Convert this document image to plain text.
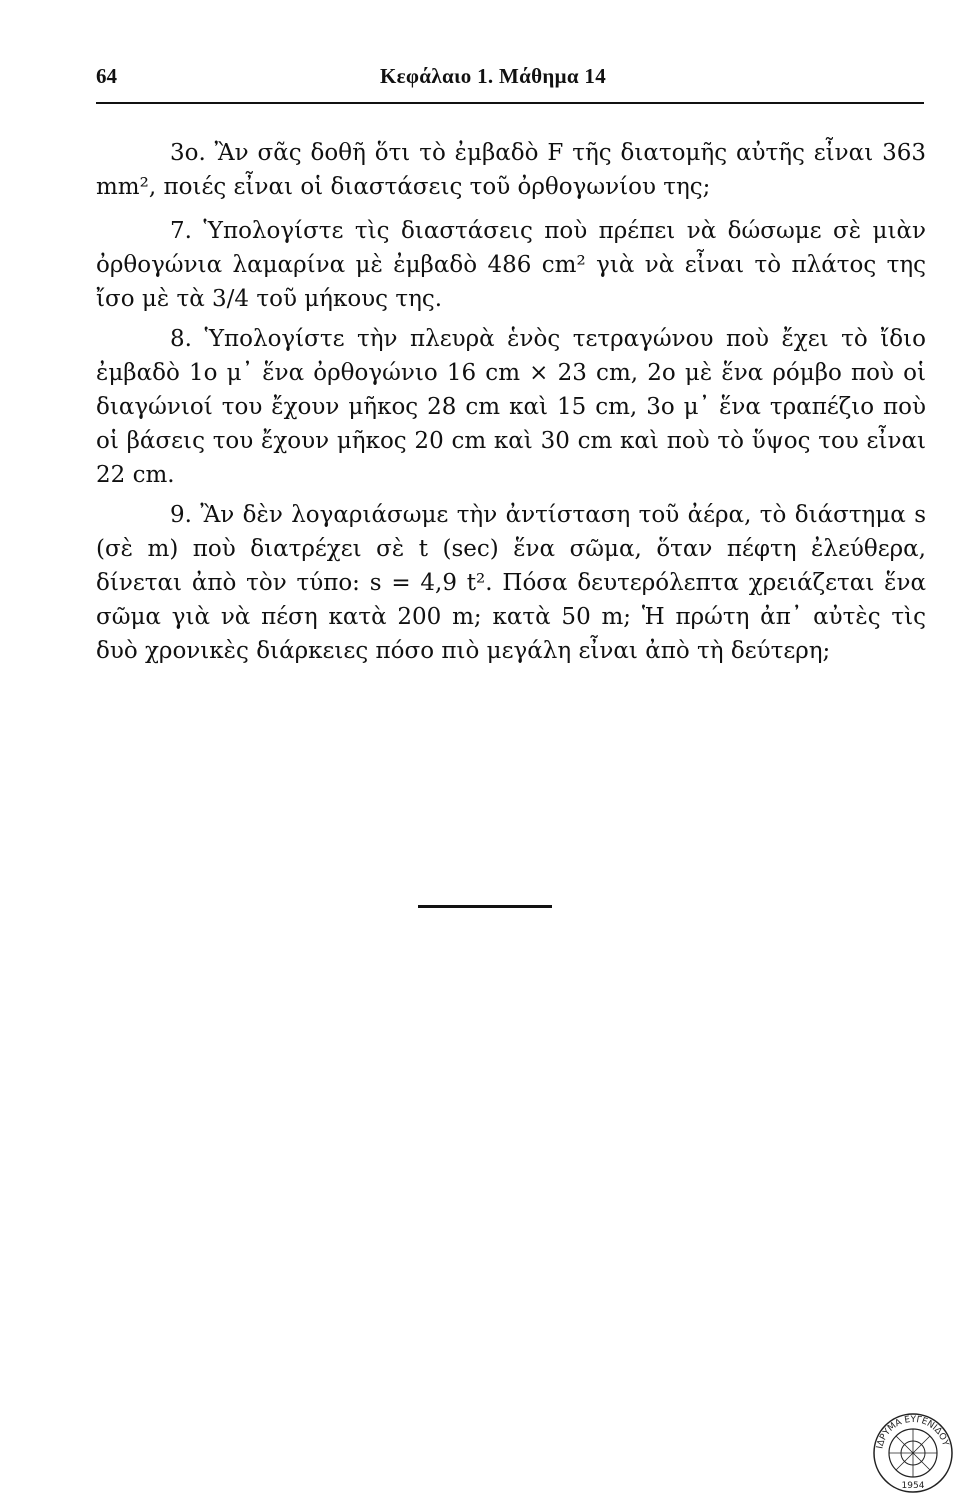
64	Κεφάλαιο 1. Μάθημα 14

3ο. Ἂν σᾶς δοθῆ ὅτι τὸ ἐμβαδὸ F τῆς διατομῆς αὐτῆς εἶναι 363 mm², ποιές εἶναι οἱ διαστάσεις τοῦ ὀρθογωνίου της;

7. Ὑπολογίστε τὶς διαστάσεις ποὺ πρέπει νὰ δώσωμε σὲ μιὰν ὀρθογώνια λαμαρίνα μὲ ἐμβαδὸ 486 cm² γιὰ νὰ εἶναι τὸ πλάτος της ἴσο μὲ τὰ 3/4 τοῦ μήκους της.

8. Ὑπολογίστε τὴν πλευρὰ ἑνὸς τετραγώνου ποὺ ἔχει τὸ ἴδιο ἐμβαδὸ 1ο μ᾿ ἕνα ὀρθογώνιο 16 cm × 23 cm, 2ο μὲ ἕνα ρόμβο ποὺ οἱ διαγώνιοί του ἔχουν μῆκος 28 cm καὶ 15 cm, 3ο μ᾿ ἕνα τραπέζιο ποὺ οἱ βάσεις του ἔχουν μῆκος 20 cm καὶ 30 cm καὶ ποὺ τὸ ὕψος του εἶναι 22 cm.

9. Ἂν δὲν λογαριάσωμε τὴν ἀντίσταση τοῦ ἀέρα, τὸ διάστημα s (σὲ m) ποὺ διατρέχει σὲ t (sec) ἕνα σῶμα, ὅταν πέφτη ἐλεύθερα, δίνεται ἀπὸ τὸν τύπο: s = 4,9 t². Πόσα δευτερόλεπτα χρειάζεται ἕνα σῶμα γιὰ νὰ πέση κατὰ 200 m; κατὰ 50 m; Ἡ πρώτη ἀπ᾿ αὐτὲς τὶς δυὸ χρονικὲς διάρκειες πόσο πιὸ μεγάλη εἶναι ἀπὸ τὴ δεύτερη;

ΙΔΡΥΜΑ ΕΥΓΕΝΙΔΟΥ
1954
